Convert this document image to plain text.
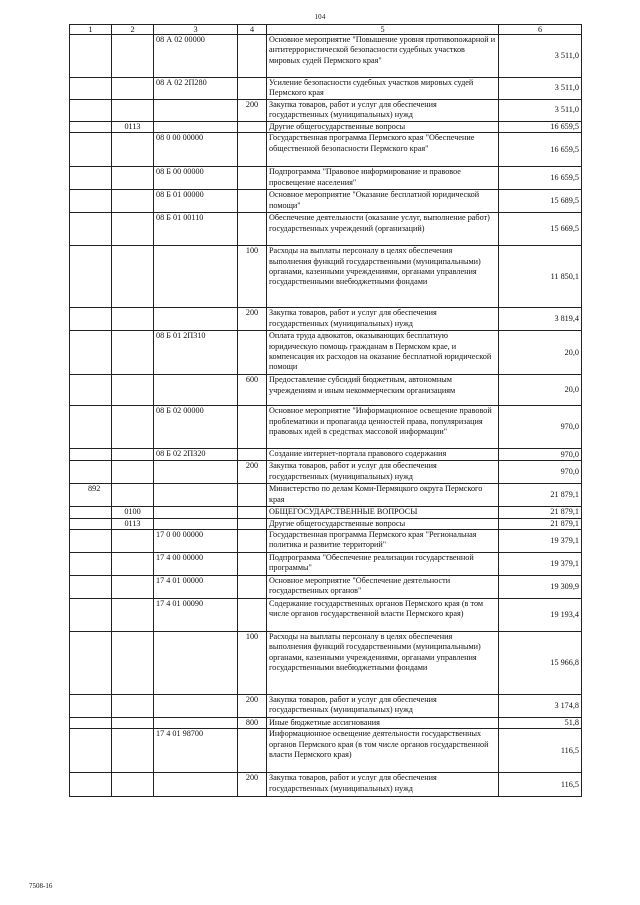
104
1	2	3	4	5	6
		08 А 02 00000		Основное мероприятие "Повышение уровня противопожарной и антитеррористической безопасности судебных участков мировых судей Пермского края"	3 511,0
		08 А 02 2П280		Усиление безопасности судебных участков мировых судей Пермского края	3 511,0
			200	Закупка товаров, работ и услуг для обеспечения государственных (муниципальных) нужд	3 511,0
	0113			Другие общегосударственные вопросы	16 659,5
		08 0 00 00000		Государственная программа Пермского края "Обеспечение общественной безопасности Пермского края"	16 659,5
		08 Б 00 00000		Подпрограмма "Правовое информирование и правовое просвещение населения"	16 659,5
		08 Б 01 00000		Основное мероприятие "Оказание бесплатной юридической помощи"	15 689,5
		08 Б 01 00110		Обеспечение деятельности (оказание услуг, выполнение работ) государственных учреждений (организаций)	15 669,5
			100	Расходы на выплаты персоналу в целях обеспечения выполнения функций государственными (муниципальными) органами, казенными учреждениями, органами управления государственными внебюджетными фондами	11 850,1
			200	Закупка товаров, работ и услуг для обеспечения государственных (муниципальных) нужд	3 819,4
		08 Б 01 2П310		Оплата труда адвокатов, оказывающих бесплатную юридическую помощь гражданам в Пермском крае, и компенсация их расходов на оказание бесплатной юридической помощи	20,0
			600	Предоставление субсидий бюджетным, автономным учреждениям и иным некоммерческим организациям	20,0
		08 Б 02 00000		Основное мероприятие "Информационное освещение правовой проблематики и пропаганда ценностей права, популяризация правовых идей в средствах массовой информации"	970,0
		08 Б 02 2П320		Создание интернет-портала правового содержания	970,0
			200	Закупка товаров, работ и услуг для обеспечения государственных (муниципальных) нужд	970,0
892				Министерство по делам Коми-Пермяцкого округа Пермского края	21 879,1
	0100			ОБЩЕГОСУДАРСТВЕННЫЕ ВОПРОСЫ	21 879,1
	0113			Другие общегосударственные вопросы	21 879,1
		17 0 00 00000		Государственная программа Пермского края "Региональная политика и развитие территорий"	19 379,1
		17 4 00 00000		Подпрограмма "Обеспечение реализации государственной программы"	19 379,1
		17 4 01 00000		Основное мероприятие "Обеспечение деятельности государственных органов"	19 309,9
		17 4 01 00090		Содержание государственных органов Пермского края (в том числе органов государственной власти Пермского края)	19 193,4
			100	Расходы на выплаты персоналу в целях обеспечения выполнения функций государственными (муниципальными) органами, казенными учреждениями, органами управления государственными внебюджетными фондами	15 966,8
			200	Закупка товаров, работ и услуг для обеспечения государственных (муниципальных) нужд	3 174,8
			800	Иные бюджетные ассигнования	51,8
		17 4 01 98700		Информационное освещение деятельности государственных органов Пермского края (в том числе органов государственной власти Пермского края)	116,5
			200	Закупка товаров, работ и услуг для обеспечения государственных (муниципальных) нужд	116,5
7508-16
